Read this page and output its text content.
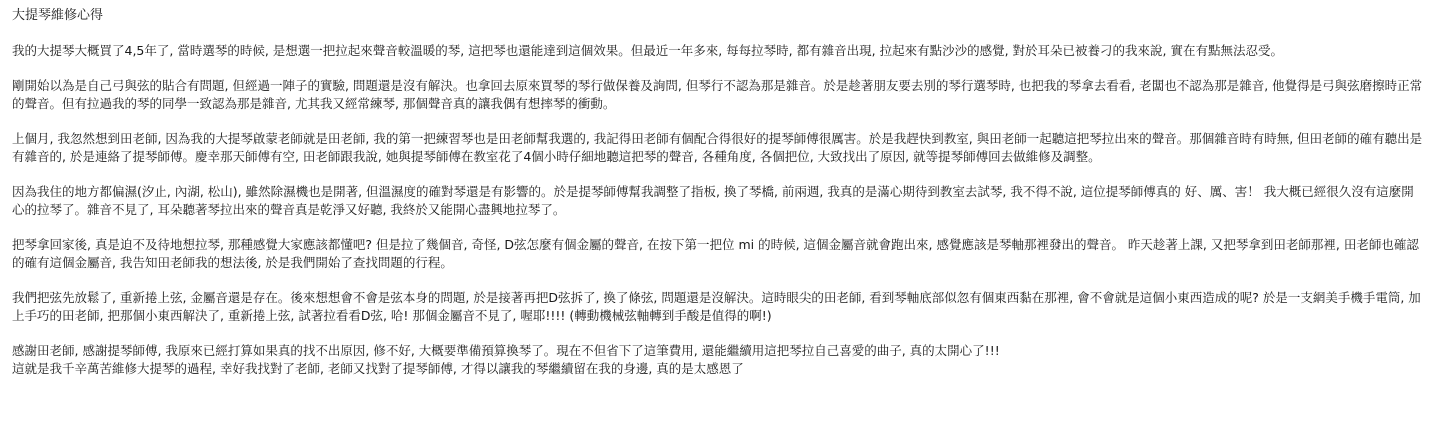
大提琴維修心得

我的大提琴大概買了4,5年了, 當時選琴的時候, 是想選一把拉起來聲音較溫暖的琴, 這把琴也還能達到這個效果。但最近一年多來, 每每拉琴時, 都有雜音出現, 拉起來有點沙沙的感覺, 對於耳朵已被養刁的我來說, 實在有點無法忍受。

剛開始以為是自己弓與弦的貼合有問題, 但經過一陣子的實驗, 問題還是沒有解決。也拿回去原來買琴的琴行做保養及詢問, 但琴行不認為那是雜音。於是趁著朋友要去別的琴行選琴時, 也把我的琴拿去看看, 老闆也不認為那是雜音, 他覺得是弓與弦磨擦時正常的聲音。但有拉過我的琴的同學一致認為那是雜音, 尤其我又經常練琴, 那個聲音真的讓我偶有想摔琴的衝動。

上個月, 我忽然想到田老師, 因為我的大提琴啟蒙老師就是田老師, 我的第一把練習琴也是田老師幫我選的, 我記得田老師有個配合得很好的提琴師傅很厲害。於是我趕快到教室, 與田老師一起聽這把琴拉出來的聲音。那個雜音時有時無, 但田老師的確有聽出是有雜音的, 於是連絡了提琴師傅。慶幸那天師傅有空, 田老師跟我說, 她與提琴師傅在教室花了4個小時仔細地聽這把琴的聲音, 各種角度, 各個把位, 大致找出了原因, 就等提琴師傅回去做維修及調整。

因為我住的地方都偏濕(汐止, 內湖, 松山), 雖然除濕機也是開著, 但溫濕度的確對琴還是有影響的。於是提琴師傅幫我調整了指板, 換了琴橋, 前兩週, 我真的是滿心期待到教室去試琴, 我不得不說, 這位提琴師傅真的 好、厲、害！ 我大概已經很久沒有這麼開心的拉琴了。雜音不見了, 耳朵聽著琴拉出來的聲音真是乾淨又好聽, 我終於又能開心盡興地拉琴了。

把琴拿回家後, 真是迫不及待地想拉琴, 那種感覺大家應該都懂吧? 但是拉了幾個音, 奇怪, D弦怎麼有個金屬的聲音, 在按下第一把位 mi 的時候, 這個金屬音就會跑出來, 感覺應該是琴軸那裡發出的聲音。 昨天趁著上課, 又把琴拿到田老師那裡, 田老師也確認的確有這個金屬音, 我告知田老師我的想法後, 於是我們開始了查找問題的行程。

我們把弦先放鬆了, 重新捲上弦, 金屬音還是存在。後來想想會不會是弦本身的問題, 於是接著再把D弦拆了, 換了條弦, 問題還是沒解決。這時眼尖的田老師, 看到琴軸底部似忽有個東西黏在那裡, 會不會就是這個小東西造成的呢? 於是一支網美手機手電筒, 加上手巧的田老師, 把那個小東西解決了, 重新捲上弦, 試著拉看看D弦, 哈! 那個金屬音不見了, 喔耶!!!! (轉動機械弦軸轉到手酸是值得的啊!)

感謝田老師, 感謝提琴師傅, 我原來已經打算如果真的找不出原因, 修不好, 大概要準備預算換琴了。現在不但省下了這筆費用, 還能繼續用這把琴拉自己喜愛的曲子, 真的太開心了!!!

這就是我千辛萬苦維修大提琴的過程, 幸好我找對了老師, 老師又找對了提琴師傅, 才得以讓我的琴繼續留在我的身邊, 真的是太感恩了
